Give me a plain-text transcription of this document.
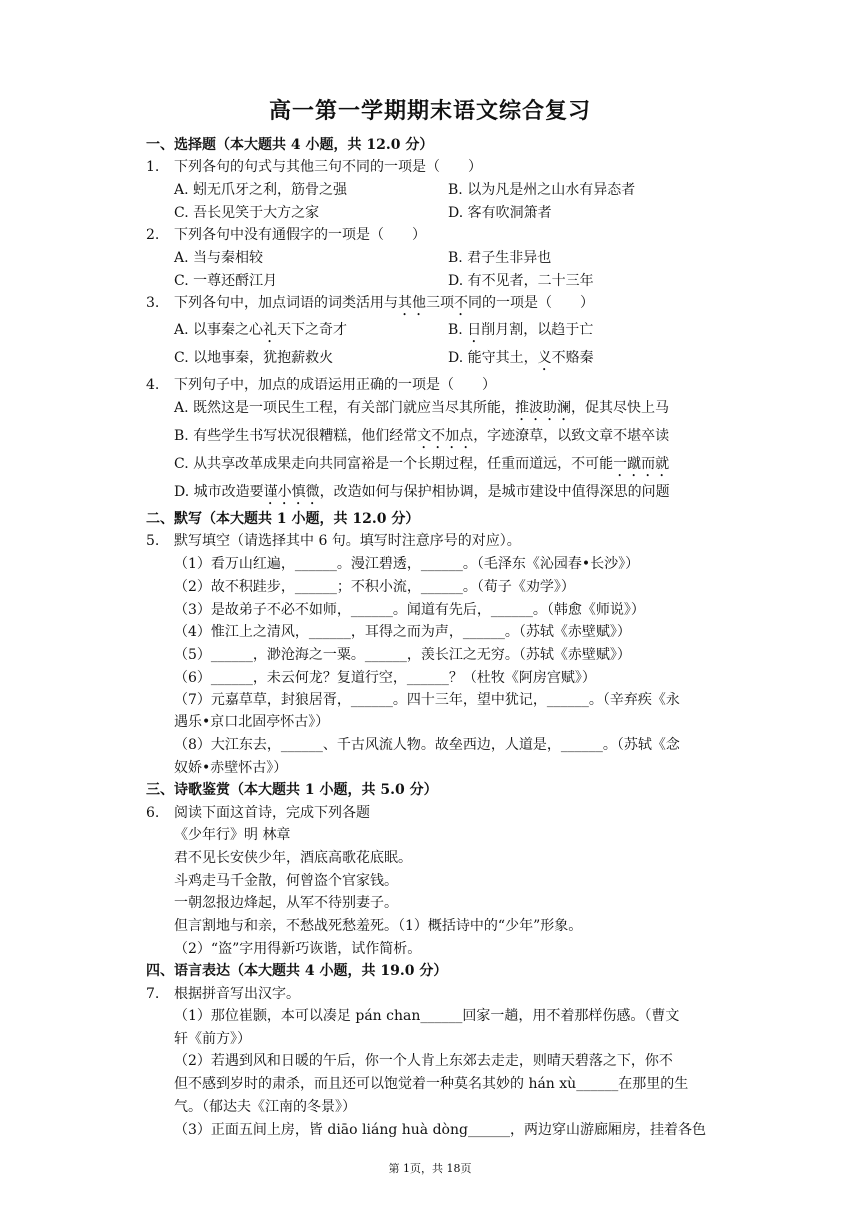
高一第一学期期末语文综合复习
一、选择题（本大题共 4 小题，共 12.0 分）
1. 下列各句的句式与其他三句不同的一项是（　　）
A. 蚓无爪牙之利，筋骨之强	B. 以为凡是州之山水有异态者
C. 吾长见笑于大方之家	D. 客有吹洞箫者
2. 下列各句中没有通假字的一项是（　　）
A. 当与秦相较	B. 君子生非异也
C. 一尊还酹江月	D. 有不见者，二十三年
3. 下列各句中，加点词语的词类活用与其他三项不同的一项是（　　）
A. 以事秦之心礼天下之奇才	B. 日削月割，以趋于亡
C. 以地事秦，犹抱薪救火	D. 能守其土，义不赂秦
4. 下列句子中，加点的成语运用正确的一项是（　　）
A. 既然这是一项民生工程，有关部门就应当尽其所能，推波助澜，促其尽快上马
B. 有些学生书写状况很糟糕，他们经常文不加点，字迹潦草，以致文章不堪卒读
C. 从共享改革成果走向共同富裕是一个长期过程，任重而道远，不可能一蹴而就
D. 城市改造要谨小慎微，改造如何与保护相协调，是城市建设中值得深思的问题
二、默写（本大题共 1 小题，共 12.0 分）
5. 默写填空（请选择其中 6 句。填写时注意序号的对应）。
（1）看万山红遍，______。漫江碧透，______。（毛泽东《沁园春•长沙》）
（2）故不积跬步，______；不积小流，______。（荀子《劝学》）
（3）是故弟子不必不如师，______。闻道有先后，______。（韩愈《师说》）
（4）惟江上之清风，______，耳得之而为声，______。（苏轼《赤壁赋》）
（5）______，渺沧海之一粟。______，羡长江之无穷。（苏轼《赤壁赋》）
（6）______，未云何龙？复道行空，______？（杜牧《阿房宫赋》）
（7）元嘉草草，封狼居胥，______。四十三年，望中犹记，______。（辛弃疾《永
遇乐•京口北固亭怀古》）
（8）大江东去，______、千古风流人物。故垒西边，人道是，______。（苏轼《念
奴娇•赤壁怀古》）
三、诗歌鉴赏（本大题共 1 小题，共 5.0 分）
6. 阅读下面这首诗，完成下列各题
《少年行》明 林章
君不见长安侠少年，酒底高歌花底眠。
斗鸡走马千金散，何曾盗个官家钱。
一朝忽报边烽起，从军不待别妻子。
但言割地与和亲，不愁战死愁羞死。（1）概括诗中的“少年”形象。
（2）“盗”字用得新巧诙谐，试作简析。
四、语言表达（本大题共 4 小题，共 19.0 分）
7. 根据拼音写出汉字。
（1）那位崔颢，本可以凑足 pán chan______回家一趟，用不着那样伤感。（曹文
轩《前方》）
（2）若遇到风和日暖的午后，你一个人肯上东郊去走走，则晴天碧落之下，你不
但不感到岁时的肃杀，而且还可以饱觉着一种莫名其妙的 hán xù______在那里的生
气。（郁达夫《江南的冬景》）
（3）正面五间上房，皆 diāo liáng huà dòng______，两边穿山游廊厢房，挂着各色
第 1页，共 18页
